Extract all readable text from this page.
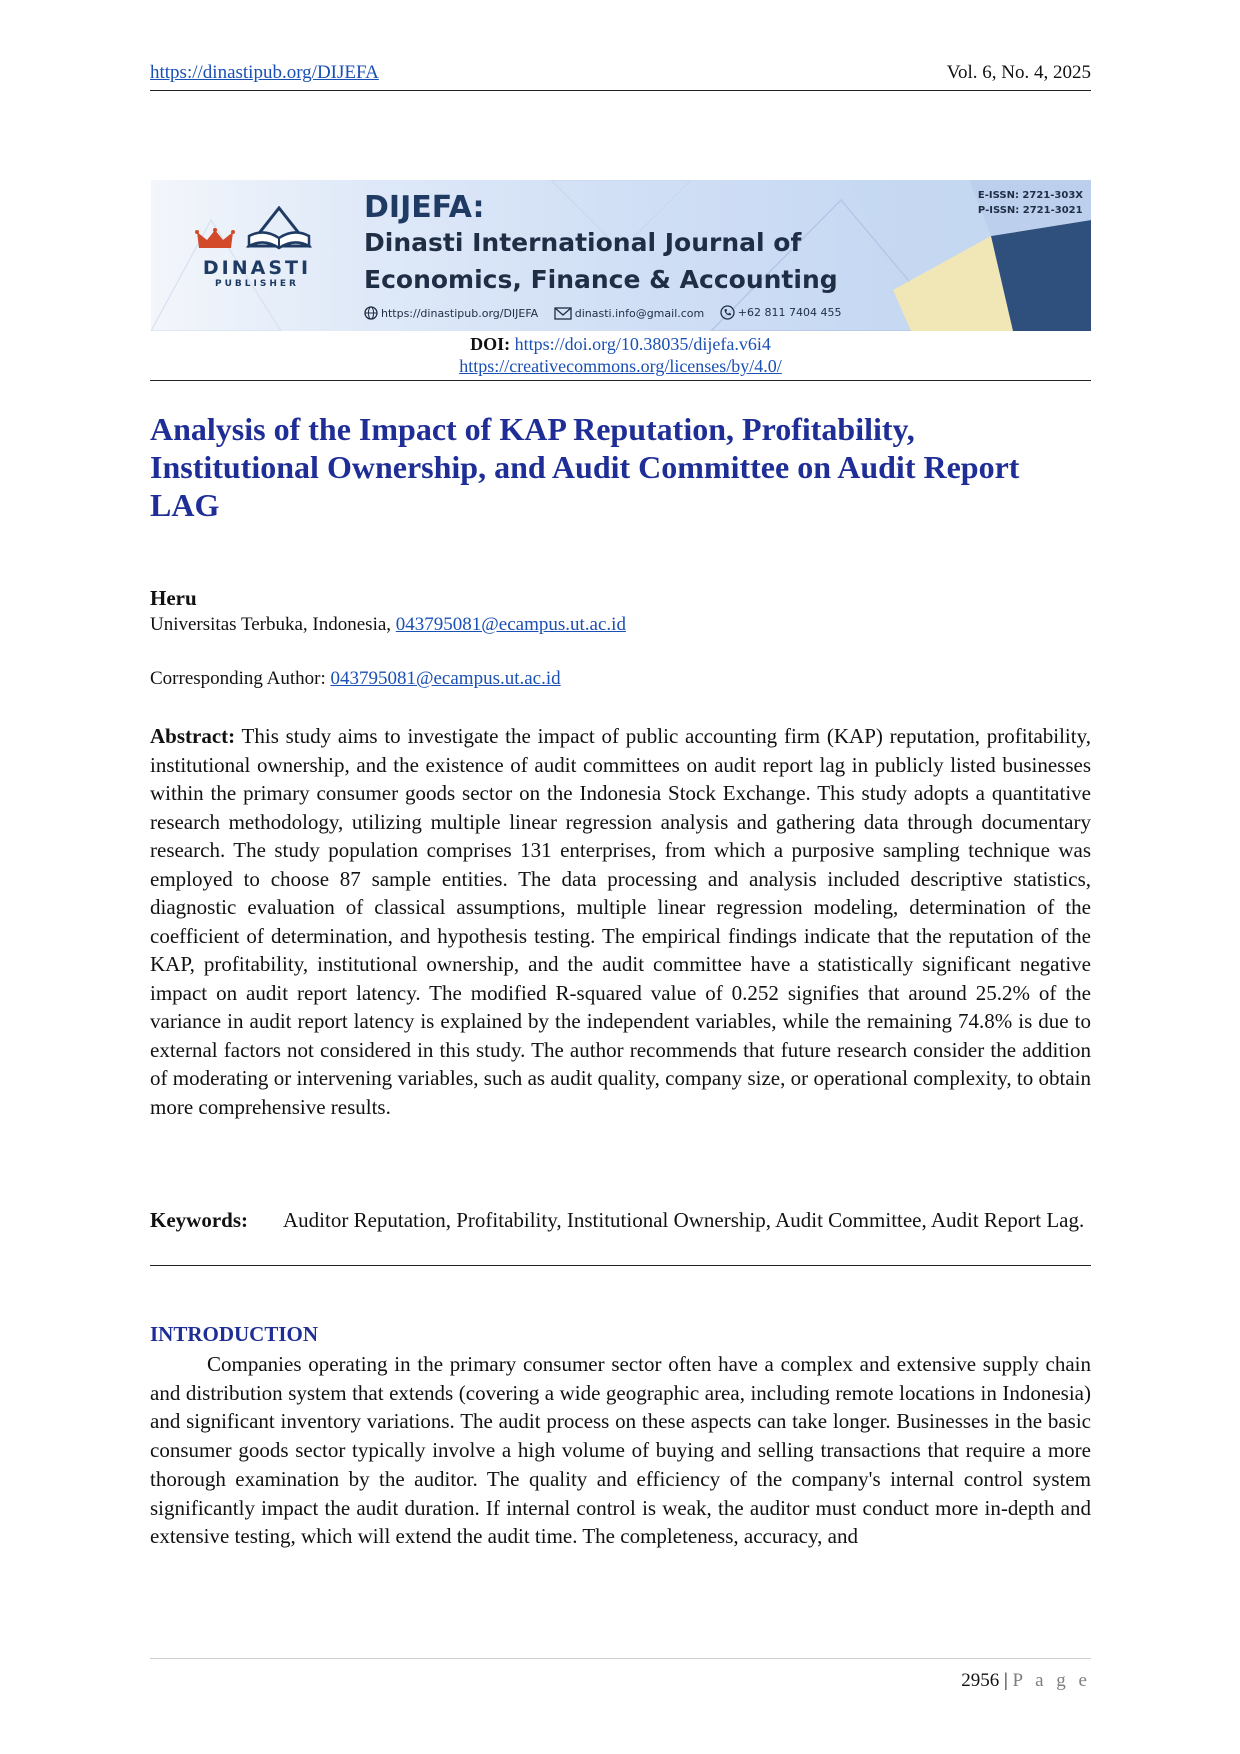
https://dinastipub.org/DIJEFA	Vol. 6, No. 4, 2025

DINASTI
PUBLISHER
DIJEFA:
Dinasti International Journal of
Economics, Finance & Accounting
https://dinastipub.org/DIJEFA
	dinasti.info@gmail.com
	+62 811 7404 455
E-ISSN: 2721-303X
P-ISSN: 2721-3021
DOI: https://doi.org/10.38035/dijefa.v6i4
https://creativecommons.org/licenses/by/4.0/
Analysis of the Impact of KAP Reputation, Profitability, Institutional Ownership, and Audit Committee on Audit Report LAG
Heru
Universitas Terbuka, Indonesia, 043795081@ecampus.ut.ac.id
Corresponding Author: 043795081@ecampus.ut.ac.id

Abstract: This study aims to investigate the impact of public accounting firm (KAP) reputation, profitability, institutional ownership, and the existence of audit committees on audit report lag in publicly listed businesses within the primary consumer goods sector on the Indonesia Stock Exchange. This study adopts a quantitative research methodology, utilizing multiple linear regression analysis and gathering data through documentary research. The study population comprises 131 enterprises, from which a purposive sampling technique was employed to choose 87 sample entities. The data processing and analysis included descriptive statistics, diagnostic evaluation of classical assumptions, multiple linear regression modeling, determination of the coefficient of determination, and hypothesis testing. The empirical findings indicate that the reputation of the KAP, profitability, institutional ownership, and the audit committee have a statistically significant negative impact on audit report latency. The modified R-squared value of 0.252 signifies that around 25.2% of the variance in audit report latency is explained by the independent variables, while the remaining 74.8% is due to external factors not considered in this study. The author recommends that future research consider the addition of moderating or intervening variables, such as audit quality, company size, or operational complexity, to obtain more comprehensive results.

Keywords: Auditor Reputation, Profitability, Institutional Ownership, Audit Committee, Audit Report Lag.
INTRODUCTION

Companies operating in the primary consumer sector often have a complex and extensive supply chain and distribution system that extends (covering a wide geographic area, including remote locations in Indonesia) and significant inventory variations. The audit process on these aspects can take longer. Businesses in the basic consumer goods sector typically involve a high volume of buying and selling transactions that require a more thorough examination by the auditor. The quality and efficiency of the company's internal control system significantly impact the audit duration. If internal control is weak, the auditor must conduct more in-depth and extensive testing, which will extend the audit time. The completeness, accuracy, and

2956 | P a g e
